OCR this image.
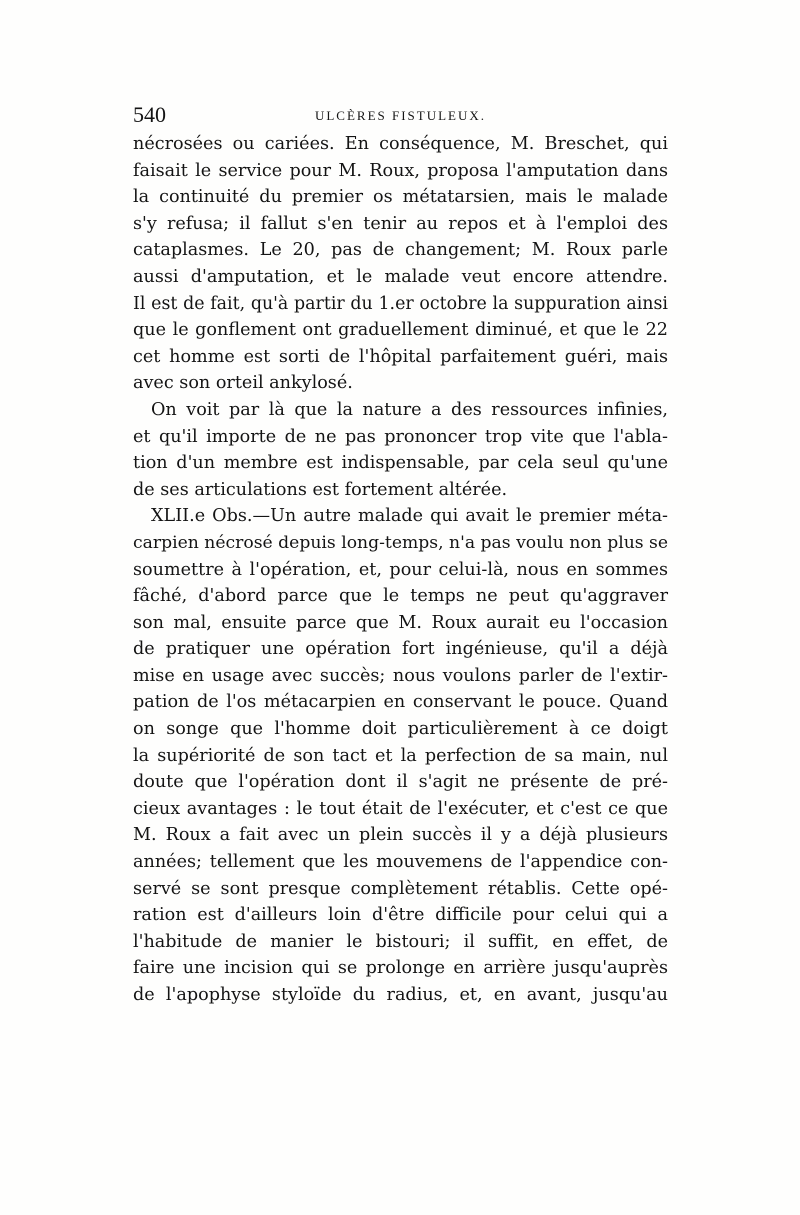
540	ULCÈRES FISTULEUX.
nécrosées ou cariées. En conséquence, M. Breschet, qui
faisait le service pour M. Roux, proposa l'amputation dans
la continuité du premier os métatarsien, mais le malade
s'y refusa; il fallut s'en tenir au repos et à l'emploi des
cataplasmes. Le 20, pas de changement; M. Roux parle
aussi d'amputation, et le malade veut encore attendre.
Il est de fait, qu'à partir du 1.er octobre la suppuration ainsi
que le gonflement ont graduellement diminué, et que le 22
cet homme est sorti de l'hôpital parfaitement guéri, mais
avec son orteil ankylosé.
On voit par là que la nature a des ressources infinies,
et qu'il importe de ne pas prononcer trop vite que l'abla-
tion d'un membre est indispensable, par cela seul qu'une
de ses articulations est fortement altérée.
XLII.e Obs.—Un autre malade qui avait le premier méta-
carpien nécrosé depuis long-temps, n'a pas voulu non plus se
soumettre à l'opération, et, pour celui-là, nous en sommes
fâché, d'abord parce que le temps ne peut qu'aggraver
son mal, ensuite parce que M. Roux aurait eu l'occasion
de pratiquer une opération fort ingénieuse, qu'il a déjà
mise en usage avec succès; nous voulons parler de l'extir-
pation de l'os métacarpien en conservant le pouce. Quand
on songe que l'homme doit particulièrement à ce doigt
la supériorité de son tact et la perfection de sa main, nul
doute que l'opération dont il s'agit ne présente de pré-
cieux avantages : le tout était de l'exécuter, et c'est ce que
M. Roux a fait avec un plein succès il y a déjà plusieurs
années; tellement que les mouvemens de l'appendice con-
servé se sont presque complètement rétablis. Cette opé-
ration est d'ailleurs loin d'être difficile pour celui qui a
l'habitude de manier le bistouri; il suffit, en effet, de
faire une incision qui se prolonge en arrière jusqu'auprès
de l'apophyse styloïde du radius, et, en avant, jusqu'au
